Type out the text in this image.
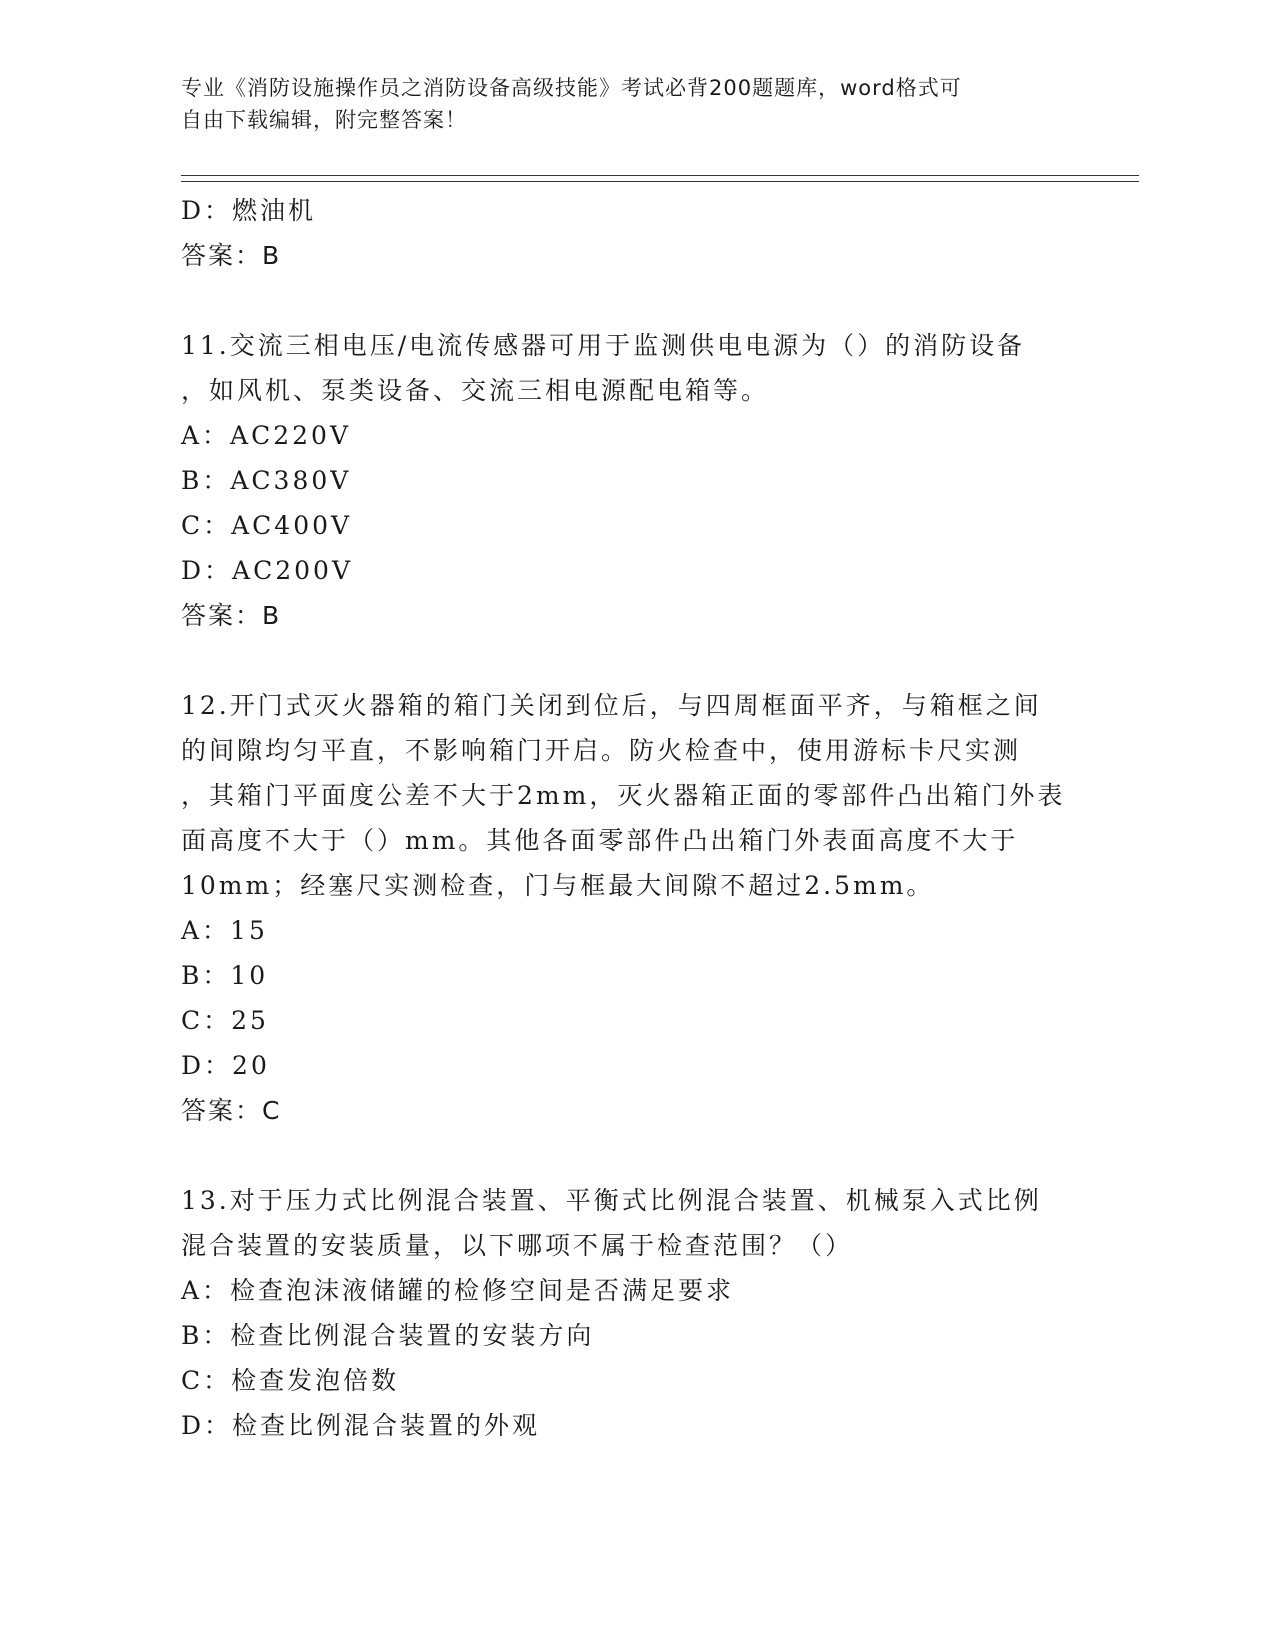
专业《消防设施操作员之消防设备高级技能》考试必背200题题库，word格式可
自由下载编辑，附完整答案！
D：燃油机
答案：B
11.交流三相电压/电流传感器可用于监测供电电源为（）的消防设备
，如风机、泵类设备、交流三相电源配电箱等。
A：AC220V
B：AC380V
C：AC400V
D：AC200V
答案：B
12.开门式灭火器箱的箱门关闭到位后，与四周框面平齐，与箱框之间
的间隙均匀平直，不影响箱门开启。防火检查中，使用游标卡尺实测
，其箱门平面度公差不大于2mm，灭火器箱正面的零部件凸出箱门外表
面高度不大于（）mm。其他各面零部件凸出箱门外表面高度不大于
10mm；经塞尺实测检查，门与框最大间隙不超过2.5mm。
A：15
B：10
C：25
D：20
答案：C
13.对于压力式比例混合装置、平衡式比例混合装置、机械泵入式比例
混合装置的安装质量，以下哪项不属于检查范围？（）
A：检查泡沫液储罐的检修空间是否满足要求
B：检查比例混合装置的安装方向
C：检查发泡倍数
D：检查比例混合装置的外观
